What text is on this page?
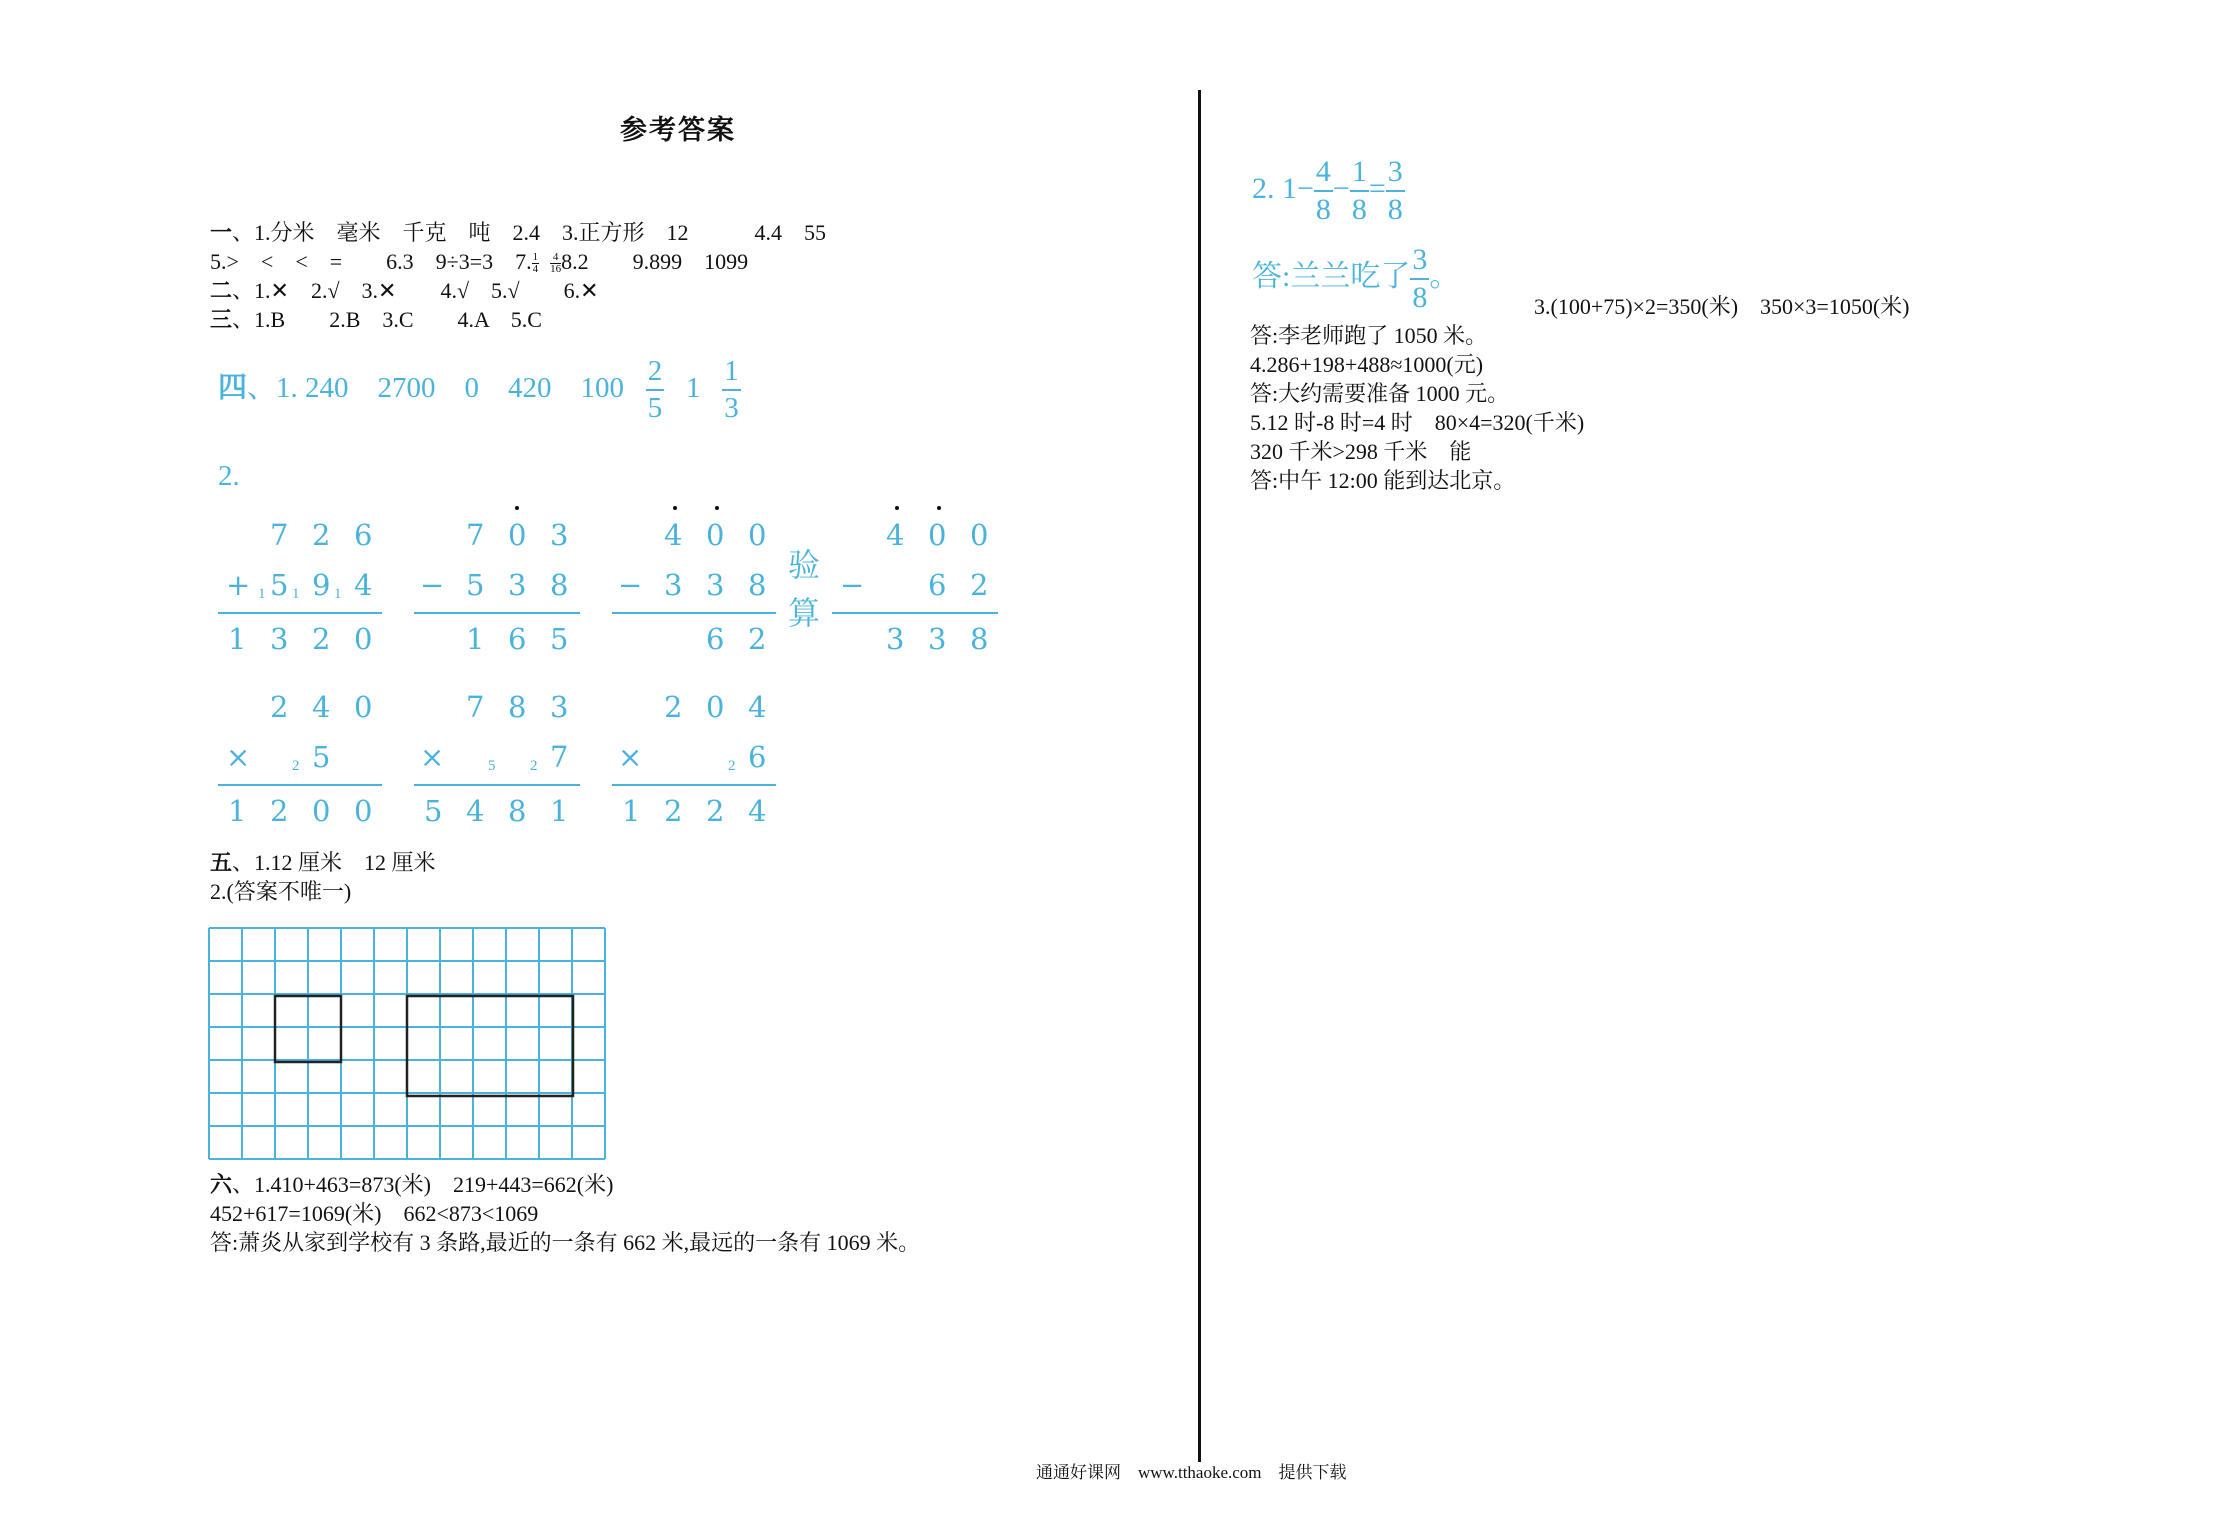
参考答案
一、1.分米　毫米　千克　吨　2.4　3.正方形　12　　　4.4　55
5.>　<　<　=　　6.3　9÷3=3　7. $\frac{1}{4}$
$\frac{4}{16} 8.2$　　9.899　1099
二、1.✕　2.√　3.✕　　4.√　5.√　　6.✕
三、1.B　　2.B　3.C　　4.A　5.C
四、1. 240　2700　0　420　$100 \frac{2}{5} 1 \frac{1}{3}$
2.
7 2 6
+ 1 5 1 9 1 4
1 3 2 0
7 0 3
− 5 3 8
1 6 5
4 0 0
− 3 3 8
6 2
验
算
4 0 0
− 6 2
3 3 8
2 4 0
×	2 5
1 2 0 0
7 8 3
×	5 2 7
5 4 8 1
2 0 4
×	2 6
1 2 2 4
五、1.12 厘米　12 厘米
2.(答案不唯一)
六、1.410+463=873(米)　219+443=662(米)
452+617=1069(米)　662<873<1069
答:萧炎从家到学校有 3 条路,最近的一条有 662 米,最远的一条有 1069 米。
2. $1- \frac{4}{8} - \frac{1}{8} = \frac{3}{8}$
答:兰兰吃了 $\frac{3}{8}$ 。
3.(100+75)×2=350(米)　350×3=1050(米)
答:李老师跑了 1050 米。
4.286+198+488≈1000(元)
答:大约需要准备 1000 元。
5.12 时-8 时=4 时　80×4=320(千米)
320 千米>298 千米　能
答:中午 12:00 能到达北京。
通通好课网　www.tthaoke.com　提供下载
